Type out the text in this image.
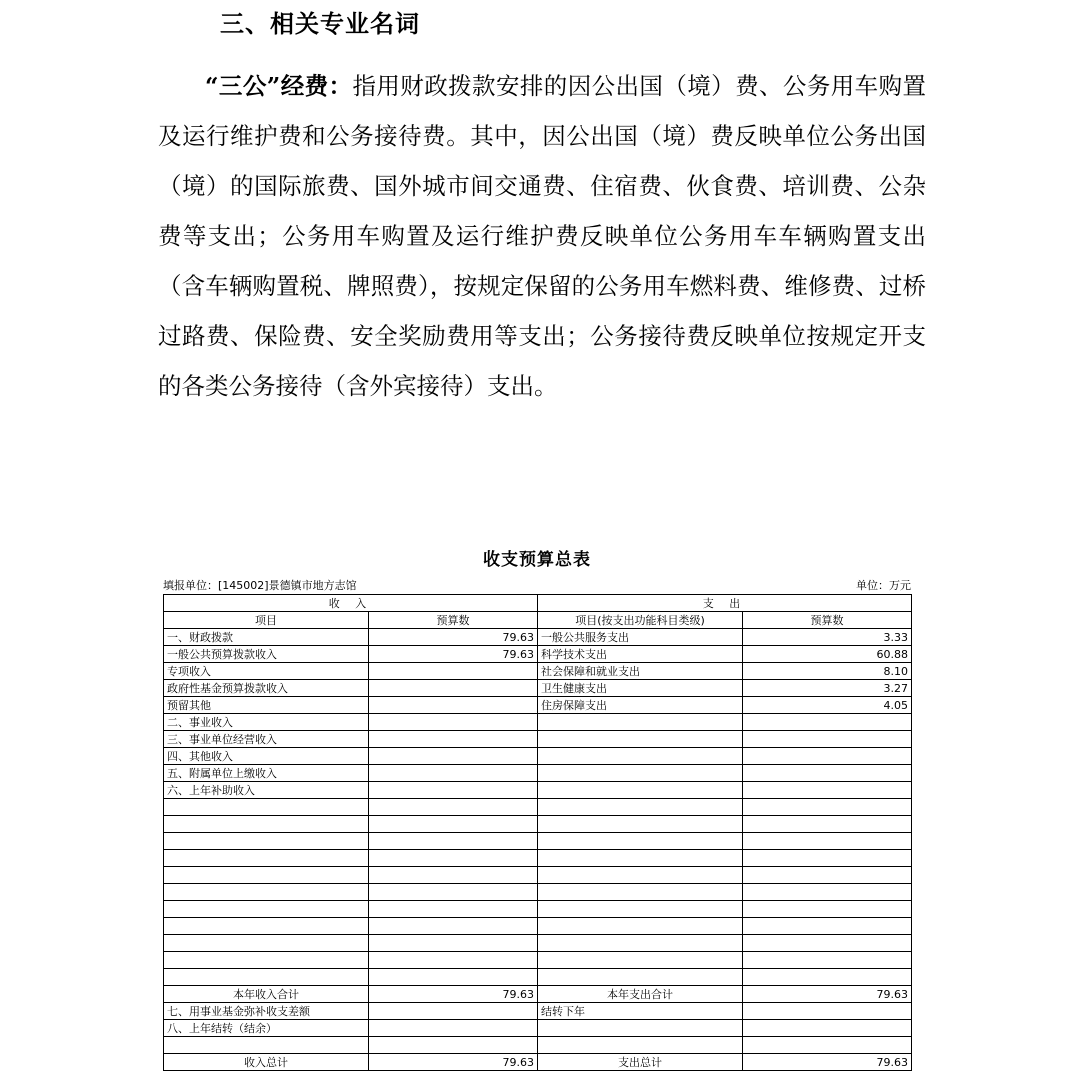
三、相关专业名词

“三公”经费：指用财政拨款安排的因公出国（境）费、公务用车购置及运行维护费和公务接待费。其中，因公出国（境）费反映单位公务出国（境）的国际旅费、国外城市间交通费、住宿费、伙食费、培训费、公杂费等支出；公务用车购置及运行维护费反映单位公务用车车辆购置支出（含车辆购置税、牌照费），按规定保留的公务用车燃料费、维修费、过桥过路费、保险费、安全奖励费用等支出；公务接待费反映单位按规定开支的各类公务接待（含外宾接待）支出。

收支预算总表
填报单位：[145002]景德镇市地方志馆	单位：万元
收 入		支 出	
项目	预算数	项目(按支出功能科目类级)	预算数
一、财政拨款	79.63	一般公共服务支出	3.33
一般公共预算拨款收入	79.63	科学技术支出	60.88
专项收入		社会保障和就业支出	8.10
政府性基金预算拨款收入		卫生健康支出	3.27
预留其他		住房保障支出	4.05
二、事业收入			
三、事业单位经营收入			
四、其他收入			
五、附属单位上缴收入			
六、上年补助收入			

本年收入合计	79.63	本年支出合计	79.63
七、用事业基金弥补收支差额		结转下年	
八、上年结转（结余）			

收入总计	79.63	支出总计	79.63
